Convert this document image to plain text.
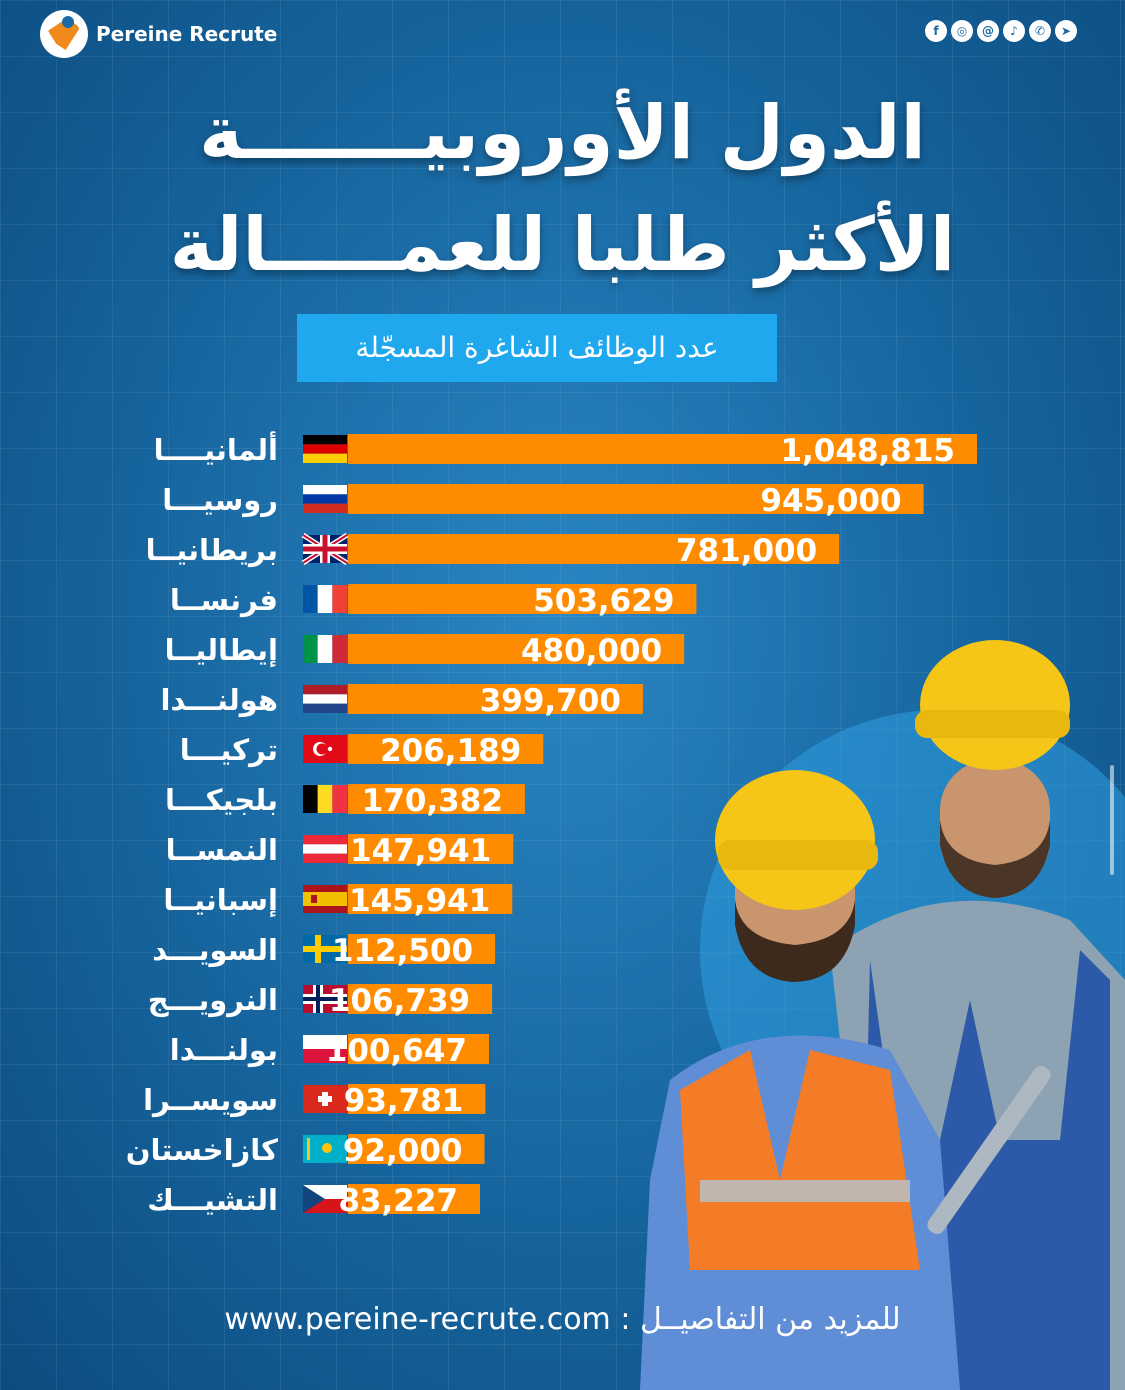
Pereine Recrute	f	◎	@	♪	✆	➤
الدول الأوروبيـــــــة
الأكثر طلبا للعمـــــالة
عدد الوظائف الشاغرة المسجّلة
ألمانيــــا	1,048,815
روسيـــا	945,000
بريطانيــا	781,000
فرنســا	503,629
إيطاليــا	480,000
هولنـــدا	399,700
تركيـــا	206,189
بلجيكـــا	170,382
النمســا 147,941
إسبانيــا 145,941
السويـــد 112,500
النرويـــج 106,739
بولنـــدا 100,647
سويســرا 93,781
كازاخستان 92,000
التشيـــك 83,227
www.pereine-recrute.com للمزيد من التفاصيــل :
